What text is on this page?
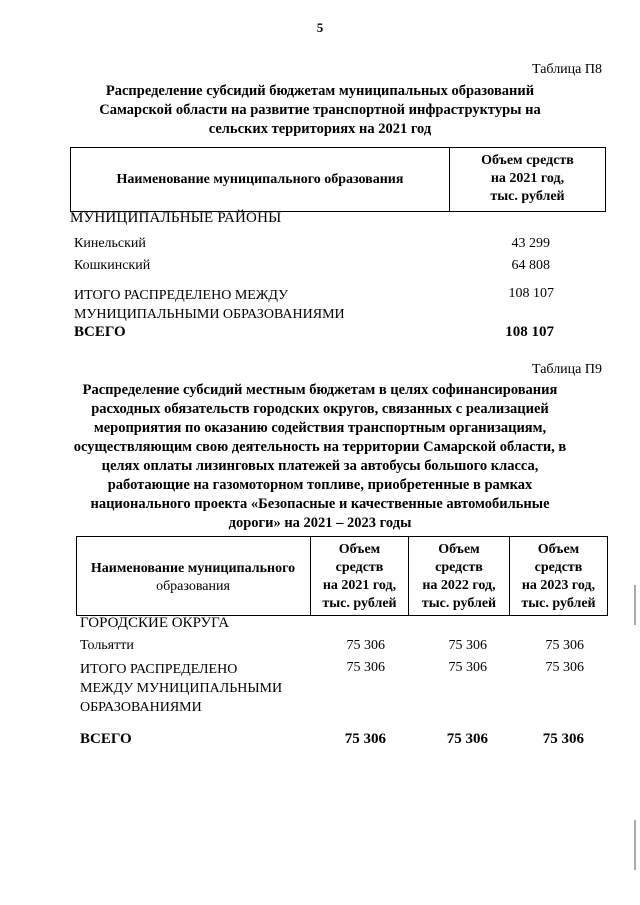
5
Таблица П8
Распределение субсидий бюджетам муниципальных образований
Самарской области на развитие транспортной инфраструктуры на
сельских территориях на 2021 год
Наименование муниципального образования
Объем средств
на 2021 год,
тыс. рублей
МУНИЦИПАЛЬНЫЕ РАЙОНЫ
Кинельский	43 299
Кошкинский	64 808
ИТОГО РАСПРЕДЕЛЕНО МЕЖДУ
МУНИЦИПАЛЬНЫМИ ОБРАЗОВАНИЯМИ
108 107
ВСЕГО	108 107
Таблица П9
Распределение субсидий местным бюджетам в целях софинансирования
расходных обязательств городских округов, связанных с реализацией
мероприятия по оказанию содействия транспортным организациям,
осуществляющим свою деятельность на территории Самарской области, в
целях оплаты лизинговых платежей за автобусы большого класса,
работающие на газомоторном топливе, приобретенные в рамках
национального проекта «Безопасные и качественные автомобильные
дороги» на 2021 – 2023 годы
Наименование муниципального
образования
Объем
средств
на 2021 год,
тыс. рублей
Объем
средств
на 2022 год,
тыс. рублей
Объем
средств
на 2023 год,
тыс. рублей
ГОРОДСКИЕ ОКРУГА
Тольятти	75 306	75 306	75 306
ИТОГО РАСПРЕДЕЛЕНО
МЕЖДУ МУНИЦИПАЛЬНЫМИ
ОБРАЗОВАНИЯМИ
75 306	75 306	75 306
ВСЕГО	75 306	75 306	75 306
